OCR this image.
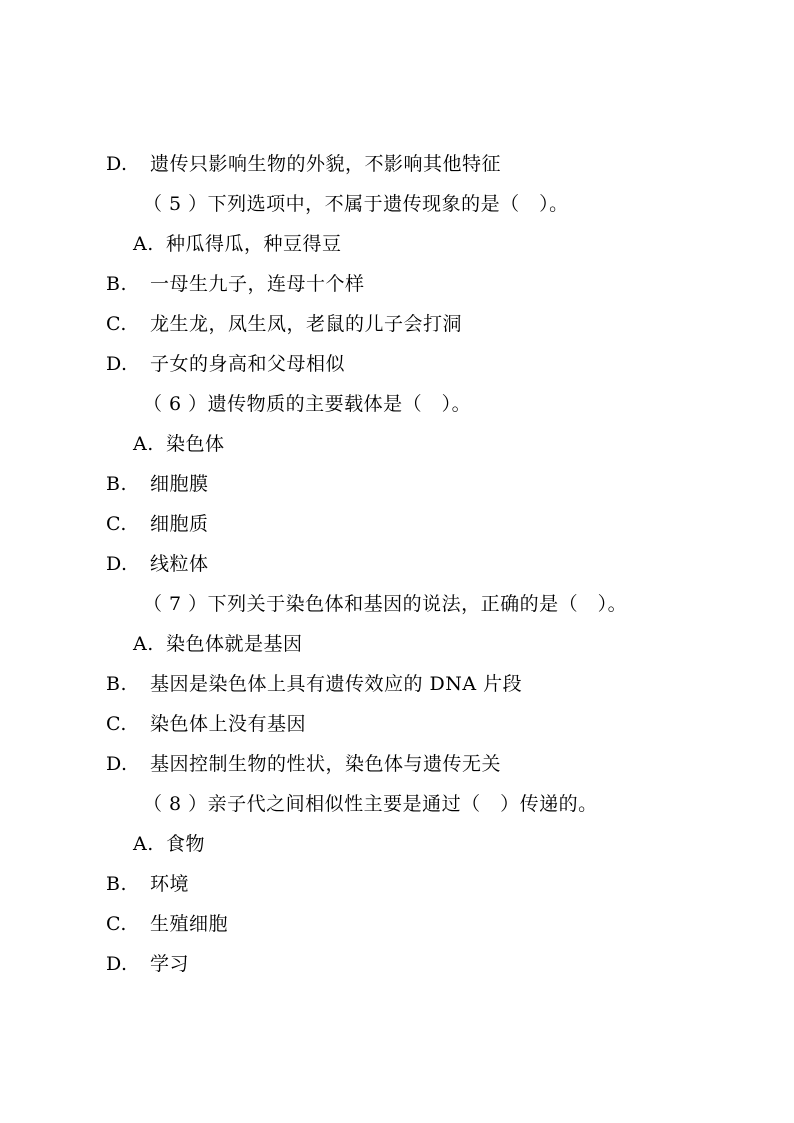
D. 遗传只影响生物的外貌，不影响其他特征
（ 5 ）下列选项中，不属于遗传现象的是（　）。
A. 种瓜得瓜，种豆得豆
B. 一母生九子，连母十个样
C. 龙生龙，凤生凤，老鼠的儿子会打洞
D. 子女的身高和父母相似
（ 6 ）遗传物质的主要载体是（　）。
A. 染色体
B. 细胞膜
C. 细胞质
D. 线粒体
（ 7 ）下列关于染色体和基因的说法，正确的是（　）。
A. 染色体就是基因
B. 基因是染色体上具有遗传效应的 DNA 片段
C. 染色体上没有基因
D. 基因控制生物的性状，染色体与遗传无关
（ 8 ）亲子代之间相似性主要是通过（　）传递的。
A. 食物
B. 环境
C. 生殖细胞
D. 学习
